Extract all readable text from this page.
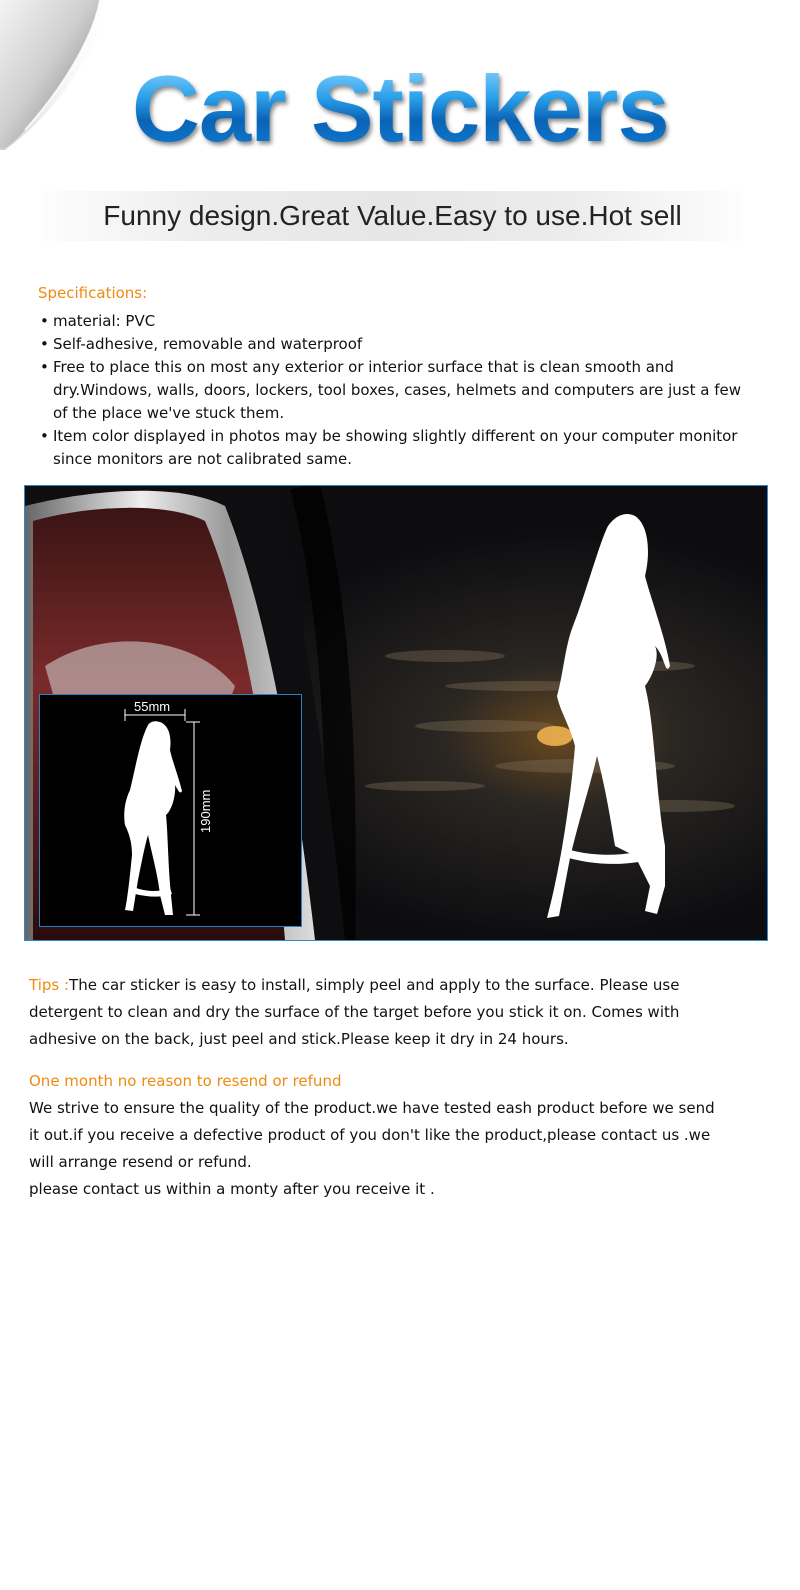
Car Stickers
Funny design.Great Value.Easy to use.Hot sell
Specifications:
• material: PVC
• Self-adhesive, removable and waterproof
• Free to place this on most any exterior or interior surface that is clean smooth and dry.Windows, walls, doors, lockers, tool boxes, cases, helmets and computers are just a few of the place we've stuck them.
• Item color displayed in photos may be showing slightly different on your computer monitor since monitors are not calibrated same.
55mm
190mm

Tips :The car sticker is easy to install, simply peel and apply to the surface. Please use detergent to clean and dry the surface of the target before you stick it on. Comes with adhesive on the back, just peel and stick.Please keep it dry in 24 hours.

One month no reason to resend or refund

We strive to ensure the quality of the product.we have tested eash product before we send it out.if you receive a defective product of you don't like the product,please contact us .we will arrange resend or refund.
please contact us within a monty after you receive it .
